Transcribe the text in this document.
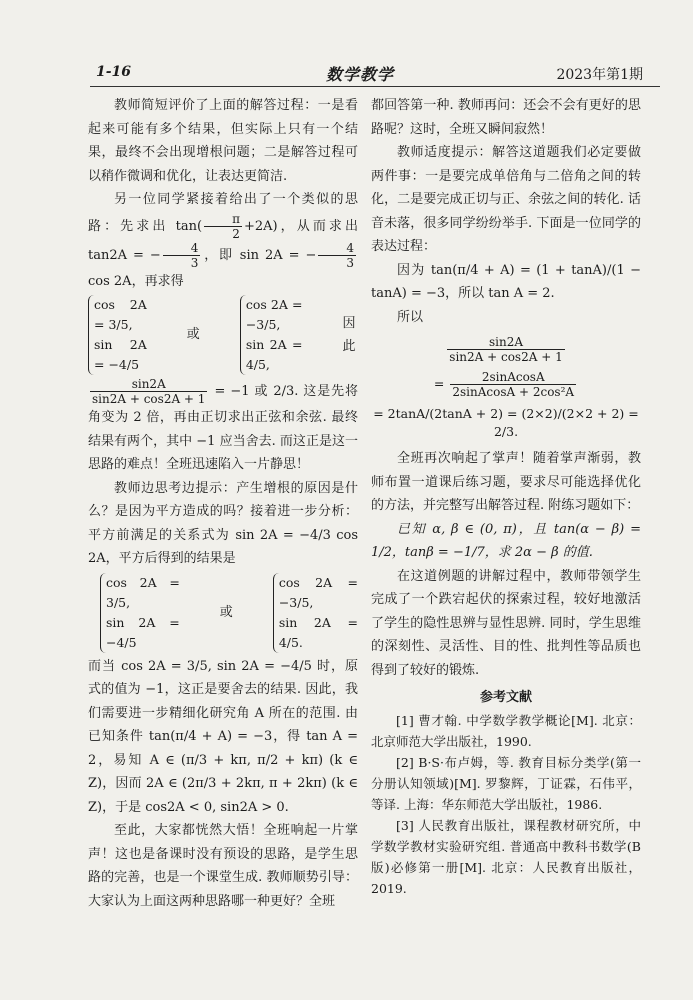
1-16	数学教学	2023年第1期

教师简短评价了上面的解答过程：一是看起来可能有多个结果，但实际上只有一个结果，最终不会出现增根问题；二是解答过程可以稍作微调和优化，让表达更简洁.

另一位同学紧接着给出了一个类似的思路：先求出 $\tan( \frac{\pi}{2} +2A)$，从而求出 tan2A = − $\frac{4}{3}$ ，即 sin 2A = − $\frac{4}{3}$
cos 2A，再求得

cos 2A = 3/5,
sin 2A = −4/5
或
cos 2A = −3/5,
sin 2A = 4/5,
因此

$\frac{\sin 2A}{\sin 2A + \cos 2A + 1} = -1$ 或 2/3. 这是先将角变为 2 倍，再由正切求出正弦和余弦. 最终结果有两个，其中 −1 应当舍去. 而这正是这一思路的难点！全班迅速陷入一片静思！

教师边思考边提示：产生增根的原因是什么？是因为平方造成的吗？接着进一步分析：平方前满足的关系式为 sin 2A = −4/3 cos 2A，平方后得到的结果是

cos 2A = 3/5,
sin 2A = −4/5
或
cos 2A = −3/5,
sin 2A = 4/5.

而当 cos 2A = 3/5, sin 2A = −4/5 时，原式的值为 −1，这正是要舍去的结果. 因此，我们需要进一步精细化研究角 A 所在的范围. 由已知条件 tan(π/4 + A) = −3，得 tan A = 2，易知 A ∈ (π/3 + kπ, π/2 + kπ) (k ∈ Z)，因而 2A ∈ (2π/3 + 2kπ, π + 2kπ) (k ∈ Z)，于是 cos2A < 0, sin2A > 0.

至此，大家都恍然大悟！全班响起一片掌声！这也是备课时没有预设的思路，是学生思路的完善，也是一个课堂生成. 教师顺势引导：大家认为上面这两种思路哪一种更好？全班

都回答第一种. 教师再问：还会不会有更好的思路呢？这时，全班又瞬间寂然！

教师适度提示：解答这道题我们必定要做两件事：一是要完成单倍角与二倍角之间的转化，二是要完成正切与正、余弦之间的转化. 话音未落，很多同学纷纷举手. 下面是一位同学的表达过程：

因为 tan(π/4 + A) = (1 + tanA)/(1 − tanA) = −3，所以 tan A = 2.

所以

$\frac{\sin 2A}{\sin 2A + \cos 2A + 1}$
= $\frac{\text{2sinAcosA}}{\text{2sinAcosA + 2cos²A}}$
= 2tanA/(2tanA + 2) = (2×2)/(2×2 + 2) = 2/3.

全班再次响起了掌声！随着掌声渐弱，教师布置一道课后练习题，要求尽可能选择优化的方法，并完整写出解答过程. 附练习题如下：

已知 α, β ∈ (0, π)，且 tan(α − β) = 1/2，tanβ = −1/7，求 2α − β 的值.

在这道例题的讲解过程中，教师带领学生完成了一个跌宕起伏的探索过程，较好地激活了学生的隐性思辨与显性思辨. 同时，学生思维的深刻性、灵活性、目的性、批判性等品质也得到了较好的锻炼.

参考文献

[1] 曹才翰. 中学数学教学概论[M]. 北京：北京师范大学出版社，1990.

[2] B·S·布卢姆，等. 教育目标分类学(第一分册认知领域)[M]. 罗黎辉，丁证霖，石伟平，等译. 上海：华东师范大学出版社，1986.

[3] 人民教育出版社，课程教材研究所，中学数学教材实验研究组. 普通高中教科书数学(B版)必修第一册[M]. 北京：人民教育出版社，2019.
